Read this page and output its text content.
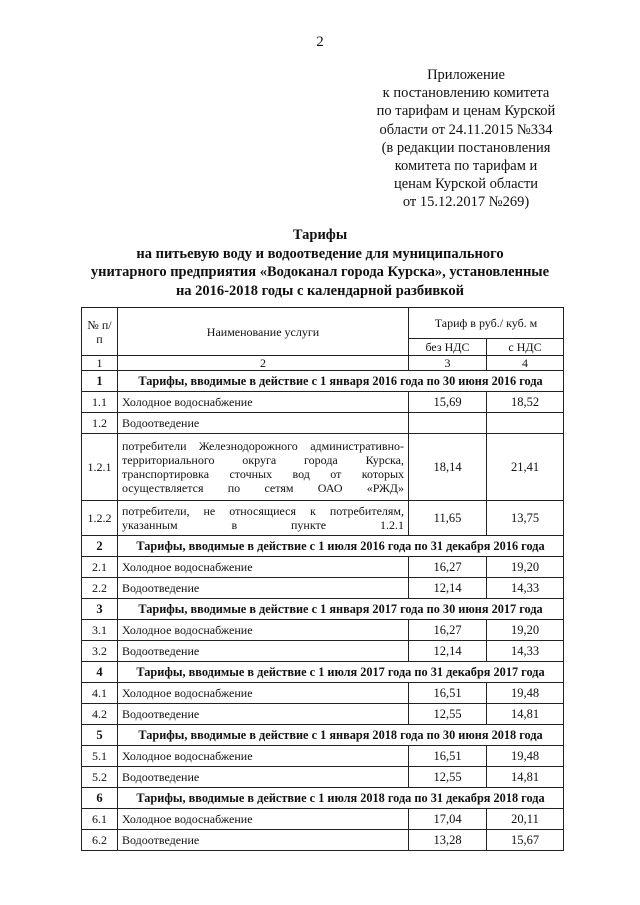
2
Приложение
к постановлению комитета
по тарифам и ценам Курской
области от 24.11.2015 №334
(в редакции постановления
комитета по тарифам и
ценам Курской области
от 15.12.2017 №269)
Тарифы
на питьевую воду и водоотведение для муниципального
унитарного предприятия «Водоканал города Курска», установленные
на 2016-2018 годы с календарной разбивкой
№ п/п	Наименование услуги	Тариф в руб./ куб. м	
		без НДС	с НДС
1	2	3	4
1	Тарифы, вводимые в действие с 1 января 2016 года по 30 июня 2016 года		
1.1	Холодное водоснабжение	15,69	18,52
1.2	Водоотведение		
1.2.1	потребители Железнодорожного административно-территориального округа города Курска, транспортировка сточных вод от которых осуществляется по сетям ОАО «РЖД»	18,14	21,41
1.2.2	потребители, не относящиеся к потребителям, указанным в пункте 1.2.1	11,65	13,75
2	Тарифы, вводимые в действие с 1 июля 2016 года по 31 декабря 2016 года		
2.1	Холодное водоснабжение	16,27	19,20
2.2	Водоотведение	12,14	14,33
3	Тарифы, вводимые в действие с 1 января 2017 года по 30 июня 2017 года		
3.1	Холодное водоснабжение	16,27	19,20
3.2	Водоотведение	12,14	14,33
4	Тарифы, вводимые в действие с 1 июля 2017 года по 31 декабря 2017 года		
4.1	Холодное водоснабжение	16,51	19,48
4.2	Водоотведение	12,55	14,81
5	Тарифы, вводимые в действие с 1 января 2018 года по 30 июня 2018 года		
5.1	Холодное водоснабжение	16,51	19,48
5.2	Водоотведение	12,55	14,81
6	Тарифы, вводимые в действие с 1 июля 2018 года по 31 декабря 2018 года		
6.1	Холодное водоснабжение	17,04	20,11
6.2	Водоотведение	13,28	15,67
